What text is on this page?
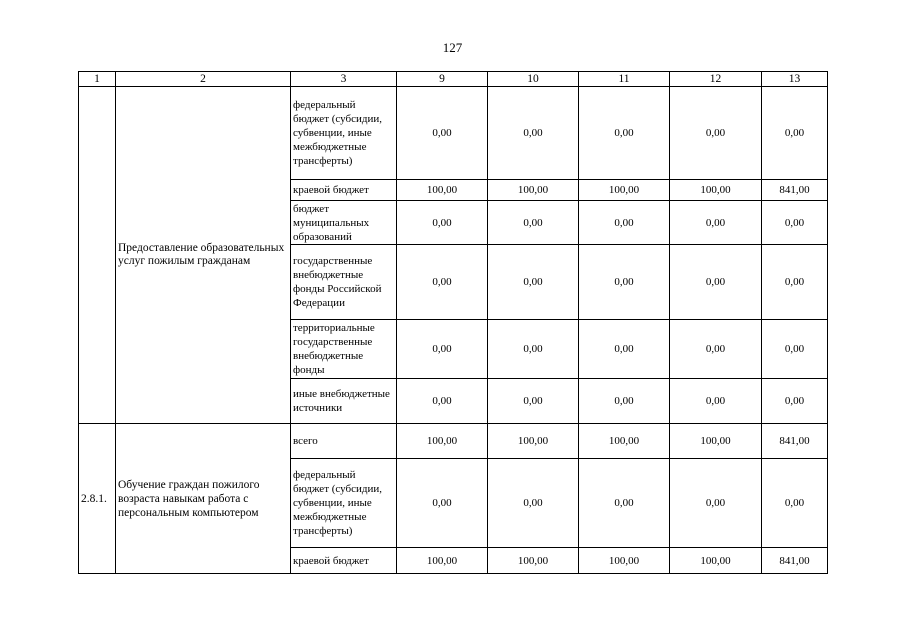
127
1	2	3	9	10	11	12	13
	Предоставление образовательных услуг пожилым гражданам	федеральный бюджет (субсидии, субвенции, иные межбюджетные трансферты)	0,00	0,00	0,00	0,00	0,00
		краевой бюджет	100,00	100,00	100,00	100,00	841,00
		бюджет муниципальных образований	0,00	0,00	0,00	0,00	0,00
		государственные внебюджетные фонды Российской Федерации	0,00	0,00	0,00	0,00	0,00
		территориальные государственные внебюджетные фонды	0,00	0,00	0,00	0,00	0,00
		иные внебюджетные источники	0,00	0,00	0,00	0,00	0,00
2.8.1.	Обучение граждан пожилого возраста навыкам работа с персональным компьютером	всего	100,00	100,00	100,00	100,00	841,00
		федеральный бюджет (субсидии, субвенции, иные межбюджетные трансферты)	0,00	0,00	0,00	0,00	0,00
		краевой бюджет	100,00	100,00	100,00	100,00	841,00
